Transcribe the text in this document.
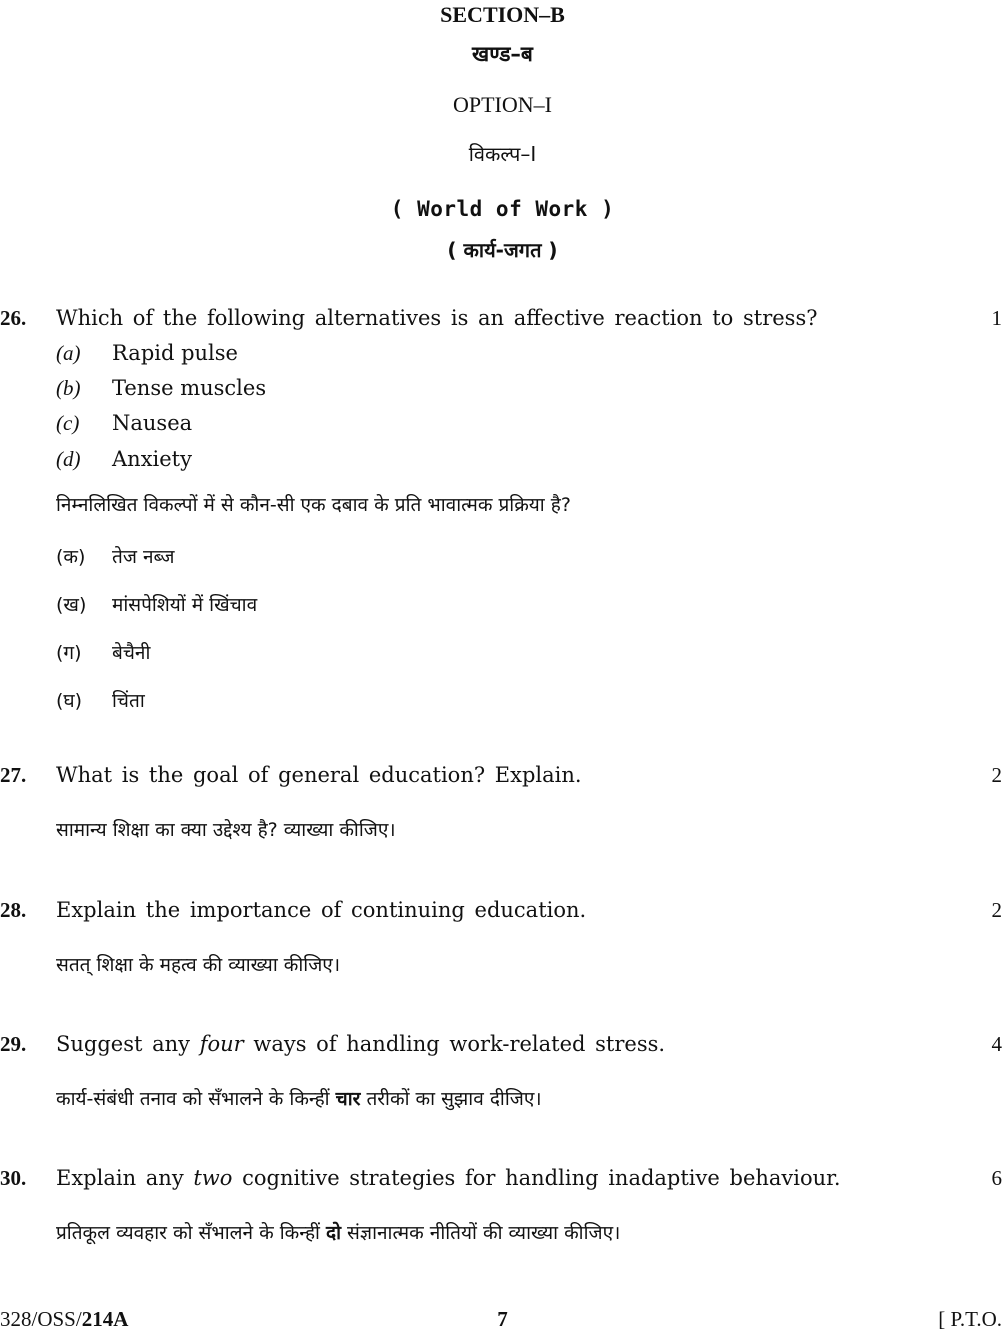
SECTION–B
खण्ड–ब
OPTION–I
विकल्प–I
( World of Work )
( कार्य-जगत )
26. Which of the following alternatives is an affective reaction to stress?	1
(a) Rapid pulse
(b) Tense muscles
(c) Nausea
(d) Anxiety
निम्नलिखित विकल्पों में से कौन-सी एक दबाव के प्रति भावात्मक प्रक्रिया है?
(क) तेज नब्ज
(ख) मांसपेशियों में खिंचाव
(ग) बेचैनी
(घ) चिंता
27. What is the goal of general education? Explain.	2
सामान्य शिक्षा का क्या उद्देश्य है? व्याख्या कीजिए।
28. Explain the importance of continuing education.	2
सतत् शिक्षा के महत्व की व्याख्या कीजिए।
29. Suggest any four ways of handling work-related stress.	4
कार्य-संबंधी तनाव को सँभालने के किन्हीं चार तरीकों का सुझाव दीजिए।
30. Explain any two cognitive strategies for handling inadaptive behaviour.	6
प्रतिकूल व्यवहार को सँभालने के किन्हीं दो संज्ञानात्मक नीतियों की व्याख्या कीजिए।
328/OSS/214A	7	[ P.T.O.
